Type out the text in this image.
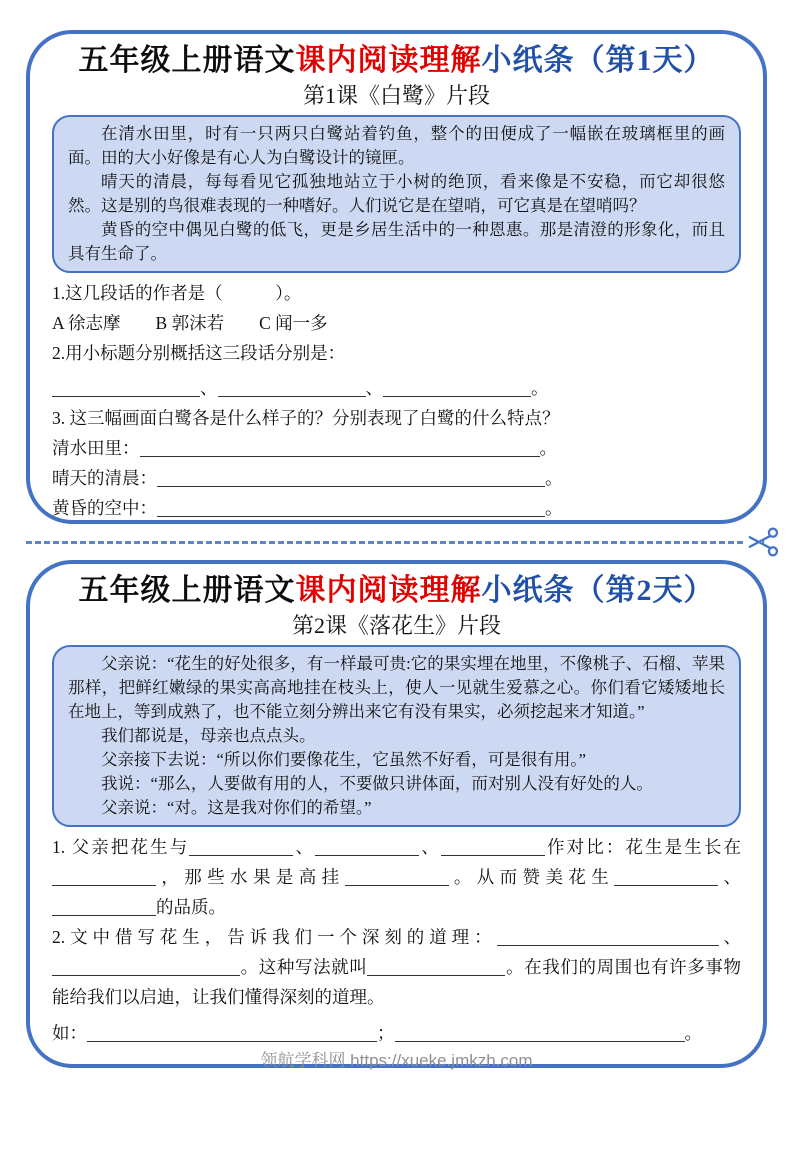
五年级上册语文课内阅读理解小纸条（第1天）
第1课《白鹭》片段

在清水田里，时有一只两只白鹭站着钓鱼，整个的田便成了一幅嵌在玻璃框里的画面。田的大小好像是有心人为白鹭设计的镜匣。

晴天的清晨，每每看见它孤独地站立于小树的绝顶，看来像是不安稳，而它却很悠然。这是别的鸟很难表现的一种嗜好。人们说它是在望哨，可它真是在望哨吗？

黄昏的空中偶见白鹭的低飞，更是乡居生活中的一种恩惠。那是清澄的形象化，而且具有生命了。

1.这几段话的作者是（　　　）。
A 徐志摩　　B 郭沫若　　C 闻一多
2.用小标题分别概括这三段话分别是：
、	、	。
3. 这三幅画面白鹭各是什么样子的？分别表现了白鹭的什么特点？
清水田里：	。
晴天的清晨：	。
黄昏的空中：	。
五年级上册语文课内阅读理解小纸条（第2天）
第2课《落花生》片段

父亲说：“花生的好处很多，有一样最可贵:它的果实埋在地里，不像桃子、石榴、苹果那样，把鲜红嫩绿的果实高高地挂在枝头上，使人一见就生爱慕之心。你们看它矮矮地长在地上，等到成熟了，也不能立刻分辨出来它有没有果实，必须挖起来才知道。”

我们都说是，母亲也点点头。

父亲接下去说：“所以你们要像花生，它虽然不好看，可是很有用。”

我说：“那么，人要做有用的人，不要做只讲体面，而对别人没有好处的人。

父亲说：“对。这是我对你们的希望。”

1. 父亲把花生与	、	、	作对比：花生是生长在，那些水果是高挂	。从而赞美花生	、的品质。
2.文中借写花生，告诉我们一个深刻的道理：	、。这种写法就叫	。在我们的周围也有许多事物能给我们以启迪，让我们懂得深刻的道理。
如：	；	。
领航学科网 https://xueke.jmkzh.com
